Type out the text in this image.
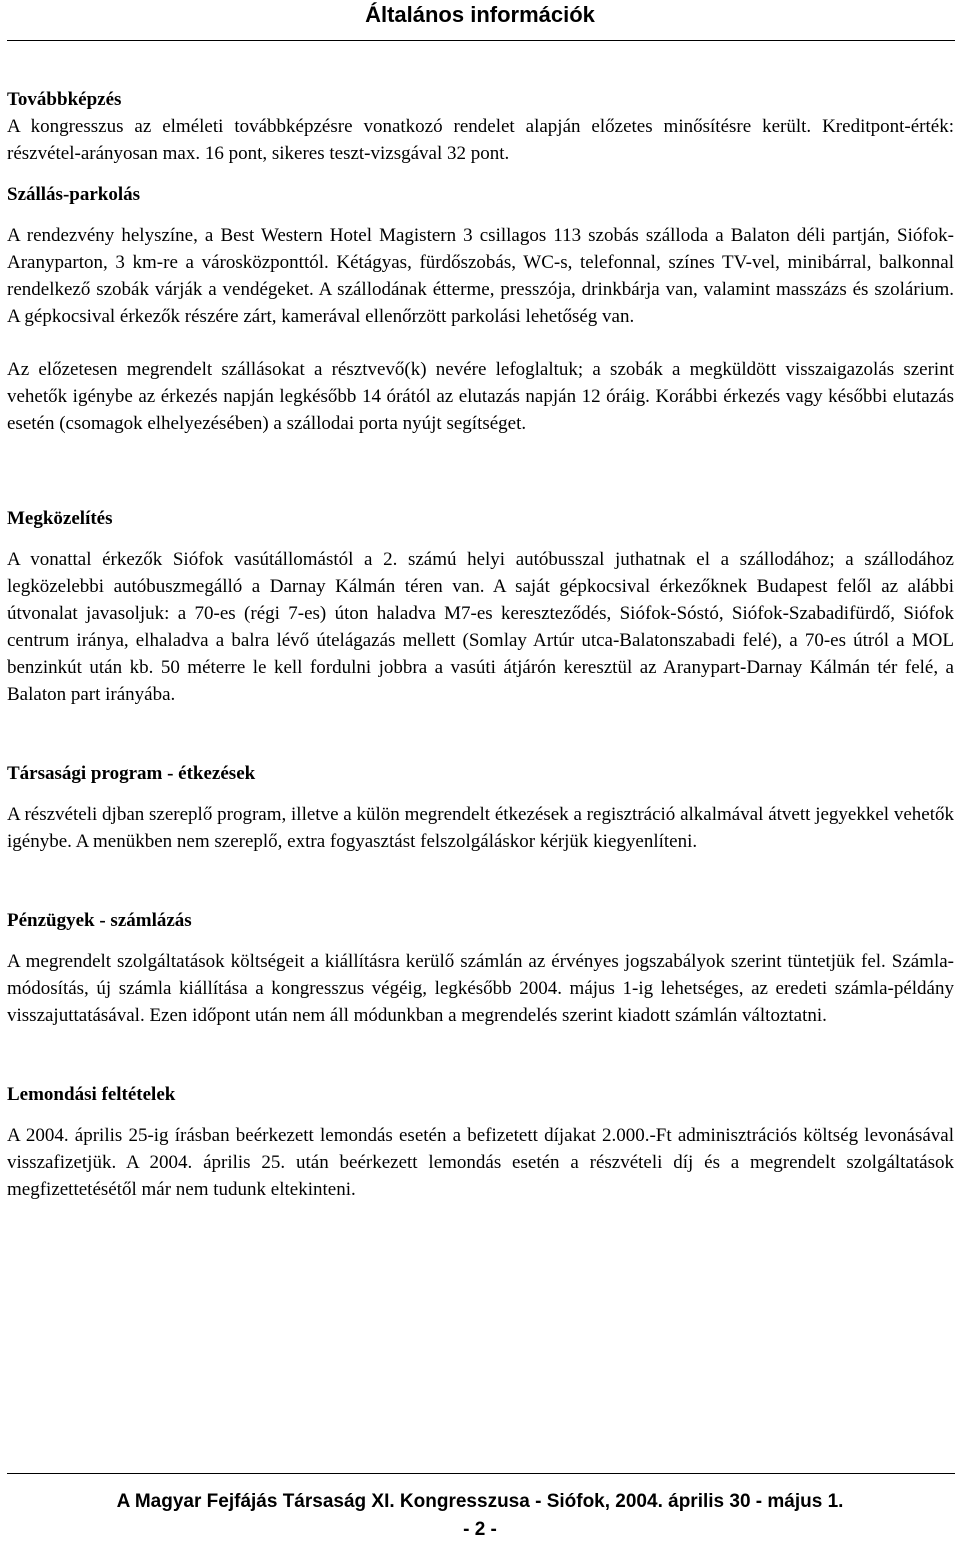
Általános információk

Továbbképzés

A kongresszus az elméleti továbbképzésre vonatkozó rendelet alapján előzetes minősítésre került. Kreditpont-érték: részvétel-arányosan max. 16 pont, sikeres teszt-vizsgával 32 pont.

Szállás-parkolás

A rendezvény helyszíne, a Best Western Hotel Magistern 3 csillagos 113 szobás szálloda a Balaton déli partján, Siófok-Aranyparton, 3 km-re a városközponttól. Kétágyas, fürdőszobás, WC-s, telefonnal, színes TV-vel, minibárral, balkonnal rendelkező szobák várják a vendégeket. A szállodának étterme, presszója, drinkbárja van, valamint masszázs és szolárium. A gépkocsival érkezők részére zárt, kamerával ellenőrzött parkolási lehetőség van.

Az előzetesen megrendelt szállásokat a résztvevő(k) nevére lefoglaltuk; a szobák a megküldött visszaigazolás szerint vehetők igénybe az érkezés napján legkésőbb 14 órától az elutazás napján 12 óráig. Korábbi érkezés vagy későbbi elutazás esetén (csomagok elhelyezésében) a szállodai porta nyújt segítséget.

Megközelítés

A vonattal érkezők Siófok vasútállomástól a 2. számú helyi autóbusszal juthatnak el a szállodához; a szállodához legközelebbi autóbuszmegálló a Darnay Kálmán téren van. A saját gépkocsival érkezőknek Budapest felől az alábbi útvonalat javasoljuk: a 70-es (régi 7-es) úton haladva M7-es kereszteződés, Siófok-Sóstó, Siófok-Szabadifürdő, Siófok centrum iránya, elhaladva a balra lévő útelágazás mellett (Somlay Artúr utca-Balatonszabadi felé), a 70-es útról a MOL benzinkút után kb. 50 méterre le kell fordulni jobbra a vasúti átjárón keresztül az Aranypart-Darnay Kálmán tér felé, a Balaton part irányába.

Társasági program - étkezések

A részvételi djban szereplő program, illetve a külön megrendelt étkezések a regisztráció alkalmával átvett jegyekkel vehetők igénybe. A menükben nem szereplő, extra fogyasztást felszolgáláskor kérjük kiegyenlíteni.

Pénzügyek - számlázás

A megrendelt szolgáltatások költségeit a kiállításra kerülő számlán az érvényes jogszabályok szerint tüntetjük fel. Számla-módosítás, új számla kiállítása a kongresszus végéig, legkésőbb 2004. május 1-ig lehetséges, az eredeti számla-példány visszajuttatásával. Ezen időpont után nem áll módunkban a megrendelés szerint kiadott számlán változtatni.

Lemondási feltételek

A 2004. április 25-ig írásban beérkezett lemondás esetén a befizetett díjakat 2.000.-Ft adminisztrációs költség levonásával visszafizetjük. A 2004. április 25. után beérkezett lemondás esetén a részvételi díj és a megrendelt szolgáltatások megfizettetésétől már nem tudunk eltekinteni.

A Magyar Fejfájás Társaság XI. Kongresszusa - Siófok, 2004. április 30 - május 1.
- 2 -
